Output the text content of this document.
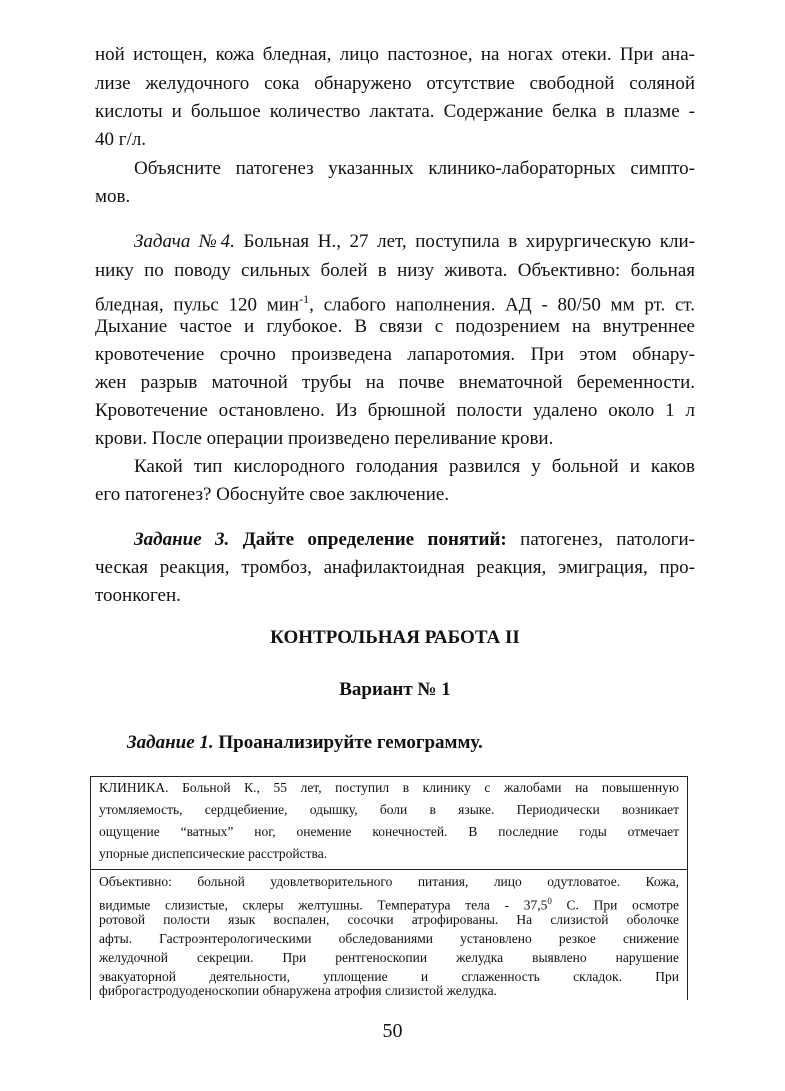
ной истощен, кожа бледная, лицо пастозное, на ногах отеки. При ана-
лизе желудочного сока обнаружено отсутствие свободной соляной
кислоты и большое количество лактата. Содержание белка в плазме -
40 г/л.
Объясните патогенез указанных клинико-лабораторных симпто-
мов.
Задача №4. Больная Н., 27 лет, поступила в хирургическую кли-
нику по поводу сильных болей в низу живота. Объективно: больная
бледная, пульс 120 мин$^{-1}$, слабого наполнения. АД - 80/50 мм рт. ст.
Дыхание частое и глубокое. В связи с подозрением на внутреннее
кровотечение срочно произведена лапаротомия. При этом обнару-
жен разрыв маточной трубы на почве внематочной беременности.
Кровотечение остановлено. Из брюшной полости удалено около 1 л
крови. После операции произведено переливание крови.
Какой тип кислородного голодания развился у больной и каков
его патогенез? Обоснуйте свое заключение.
Задание 3. Дайте определение понятий: патогенез, патологи-
ческая реакция, тромбоз, анафилактоидная реакция, эмиграция, про-
тоонкоген.
КОНТРОЛЬНАЯ РАБОТА II
Вариант № 1
Задание 1. Проанализируйте гемограмму.
КЛИНИКА. Больной К., 55 лет, поступил в клинику с жалобами на повышенную
утомляемость, сердцебиение, одышку, боли в языке. Периодически возникает
ощущение “ватных” ног, онемение конечностей. В последние годы отмечает
упорные диспепсические расстройства.
Объективно: больной удовлетворительного питания, лицо одутловатое. Кожа,
видимые слизистые, склеры желтушны. Температура тела - 37,5$^0$ С. При осмотре
ротовой полости язык воспален, сосочки атрофированы. На слизистой оболочке
афты. Гастроэнтерологическими обследованиями установлено резкое снижение
желудочной секреции. При рентгеноскопии желудка выявлено нарушение
эвакуаторной деятельности, уплощение и сглаженность складок. При
фиброгастродуоденоскопии обнаружена атрофия слизистой желудка.
50
